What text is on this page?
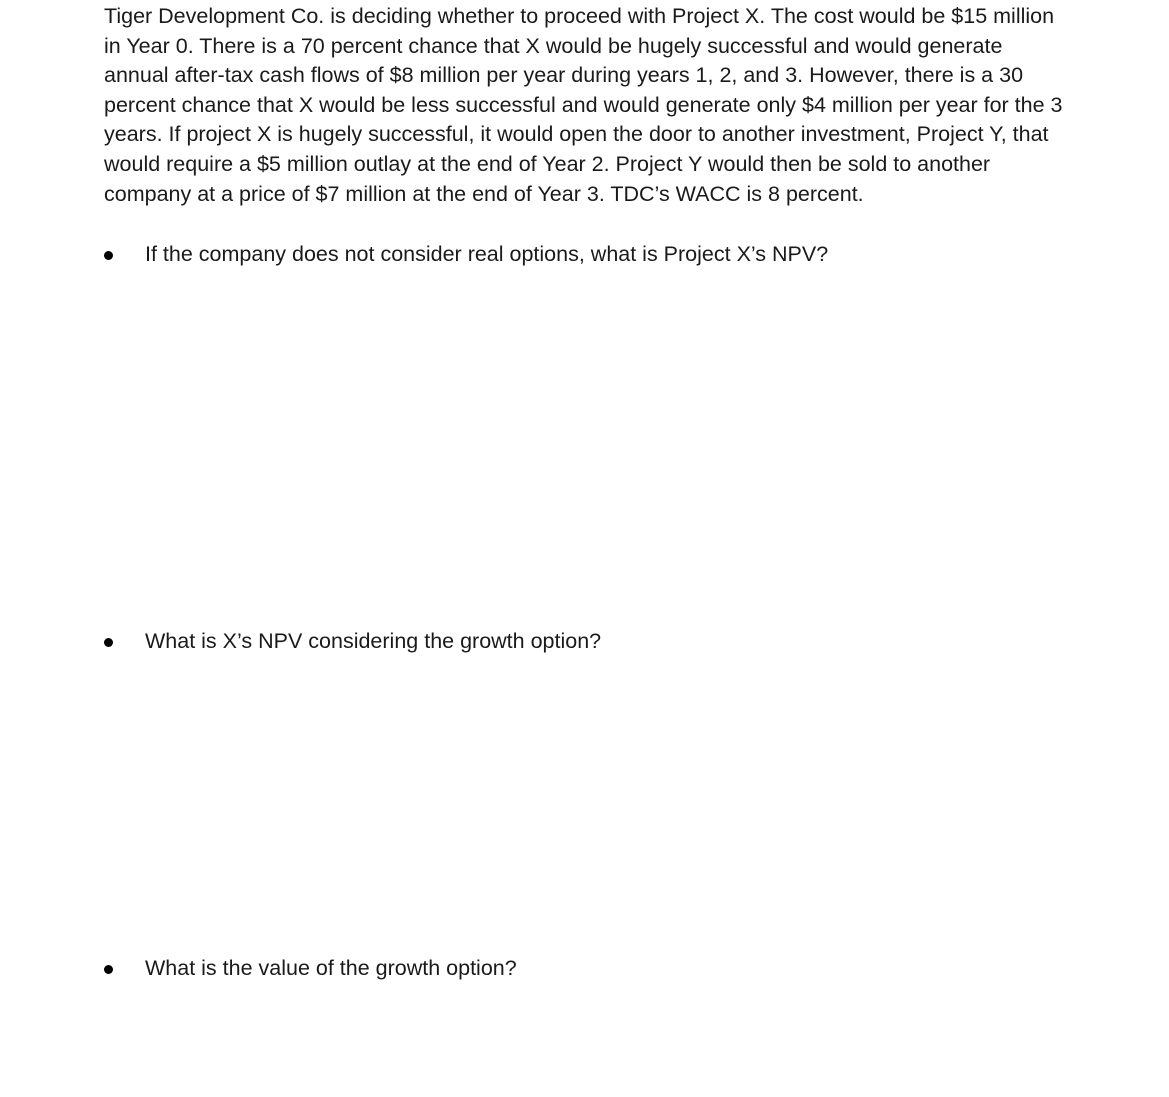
Tiger Development Co. is deciding whether to proceed with Project X. The cost would be $15 million
in Year 0. There is a 70 percent chance that X would be hugely successful and would generate
annual after-tax cash flows of $8 million per year during years 1, 2, and 3. However, there is a 30
percent chance that X would be less successful and would generate only $4 million per year for the 3
years. If project X is hugely successful, it would open the door to another investment, Project Y, that
would require a $5 million outlay at the end of Year 2. Project Y would then be sold to another
company at a price of $7 million at the end of Year 3. TDC’s WACC is 8 percent.

If the company does not consider real options, what is Project X’s NPV?
What is X’s NPV considering the growth option?
What is the value of the growth option?
